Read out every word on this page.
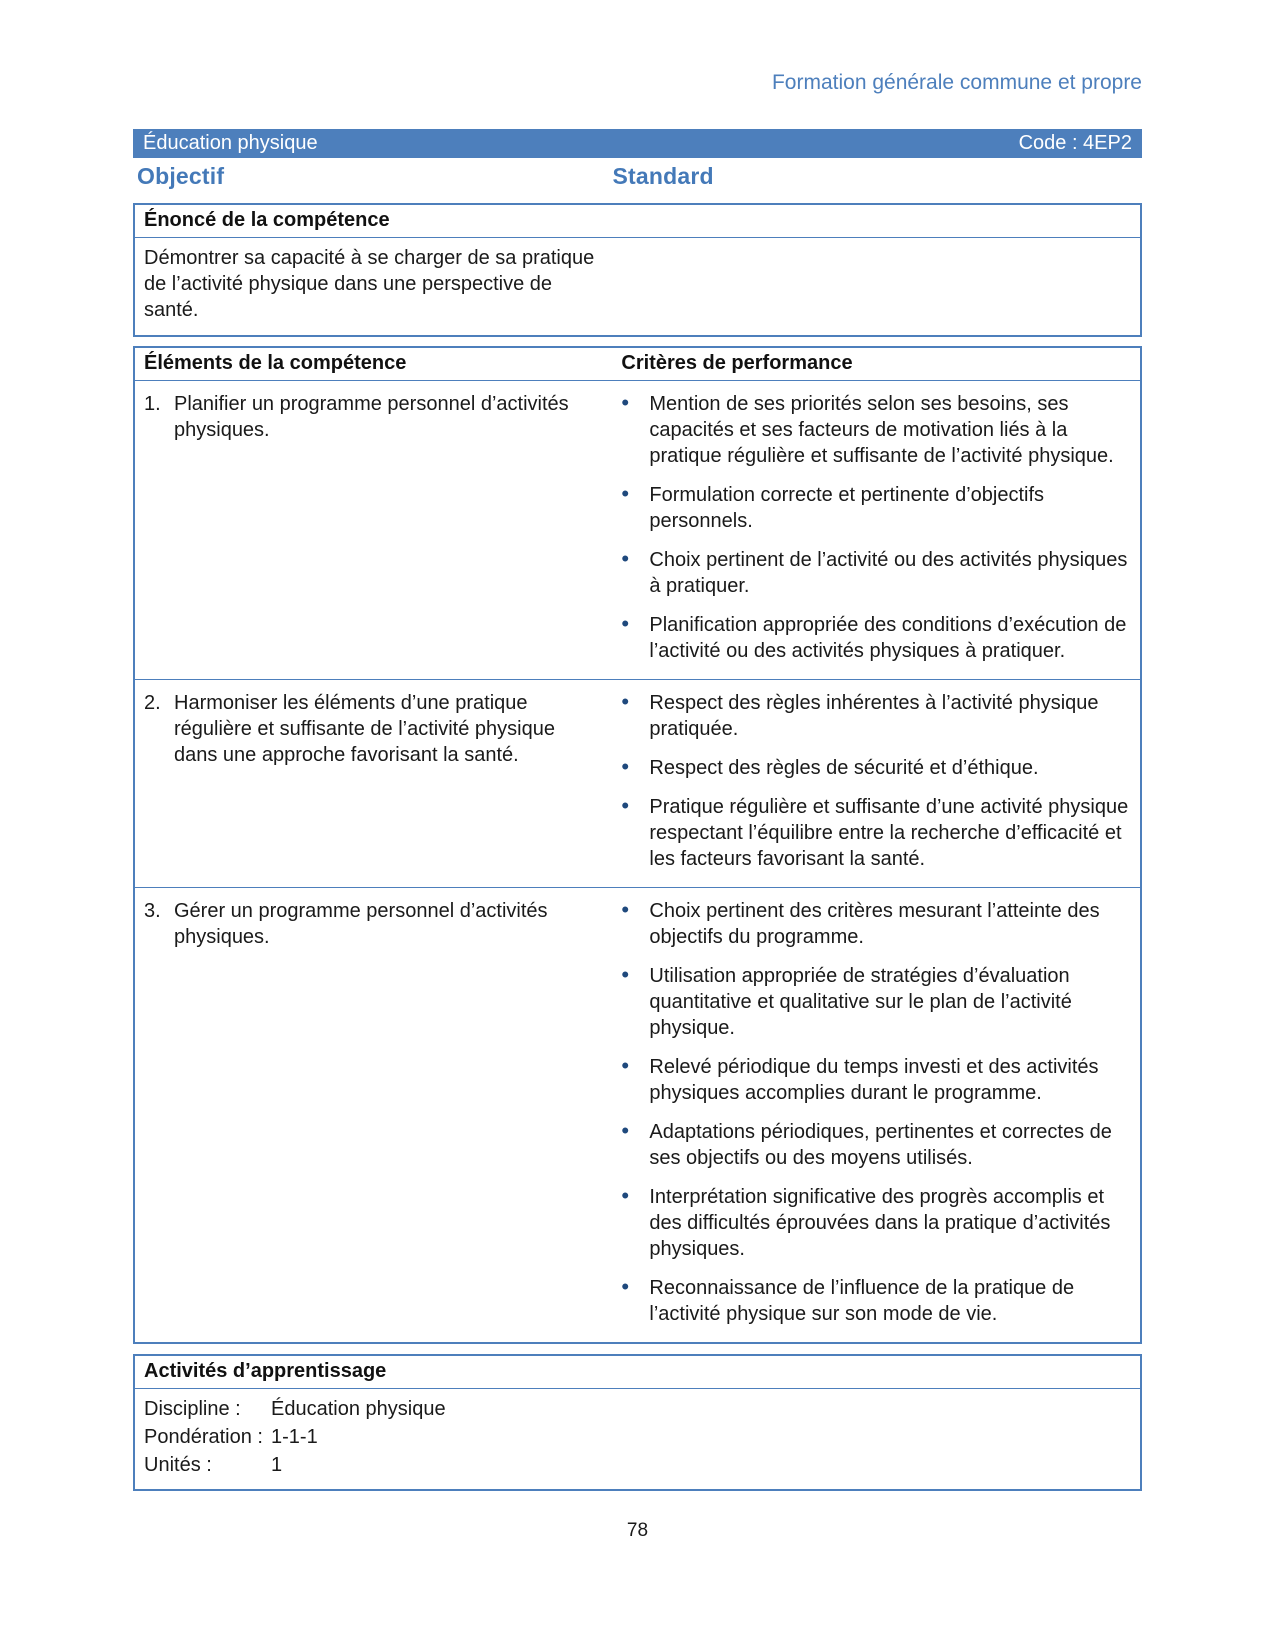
Formation générale commune et propre
Éducation physique	Code : 4EP2
Objectif	Standard
Énoncé de la compétence
Démontrer sa capacité à se charger de sa pratique de l’activité physique dans une perspective de santé.
Éléments de la compétence	Critères de performance
1. Planifier un programme personnel d’activités physiques.
• Mention de ses priorités selon ses besoins, ses capacités et ses facteurs de motivation liés à la pratique régulière et suffisante de l’activité physique.
• Formulation correcte et pertinente d’objectifs personnels.
• Choix pertinent de l’activité ou des activités physiques à pratiquer.
• Planification appropriée des conditions d’exécution de l’activité ou des activités physiques à pratiquer.
2. Harmoniser les éléments d’une pratique régulière et suffisante de l’activité physique dans une approche favorisant la santé.
• Respect des règles inhérentes à l’activité physique pratiquée.
• Respect des règles de sécurité et d’éthique.
• Pratique régulière et suffisante d’une activité physique respectant l’équilibre entre la recherche d’efficacité et les facteurs favorisant la santé.
3. Gérer un programme personnel d’activités physiques.
• Choix pertinent des critères mesurant l’atteinte des objectifs du programme.
• Utilisation appropriée de stratégies d’évaluation quantitative et qualitative sur le plan de l’activité physique.
• Relevé périodique du temps investi et des activités physiques accomplies durant le programme.
• Adaptations périodiques, pertinentes et correctes de ses objectifs ou des moyens utilisés.
• Interprétation significative des progrès accomplis et des difficultés éprouvées dans la pratique d’activités physiques.
• Reconnaissance de l’influence de la pratique de l’activité physique sur son mode de vie.
Activités d’apprentissage
Discipline :	Éducation physique
Pondération : 1-1-1
Unités :	1
78
